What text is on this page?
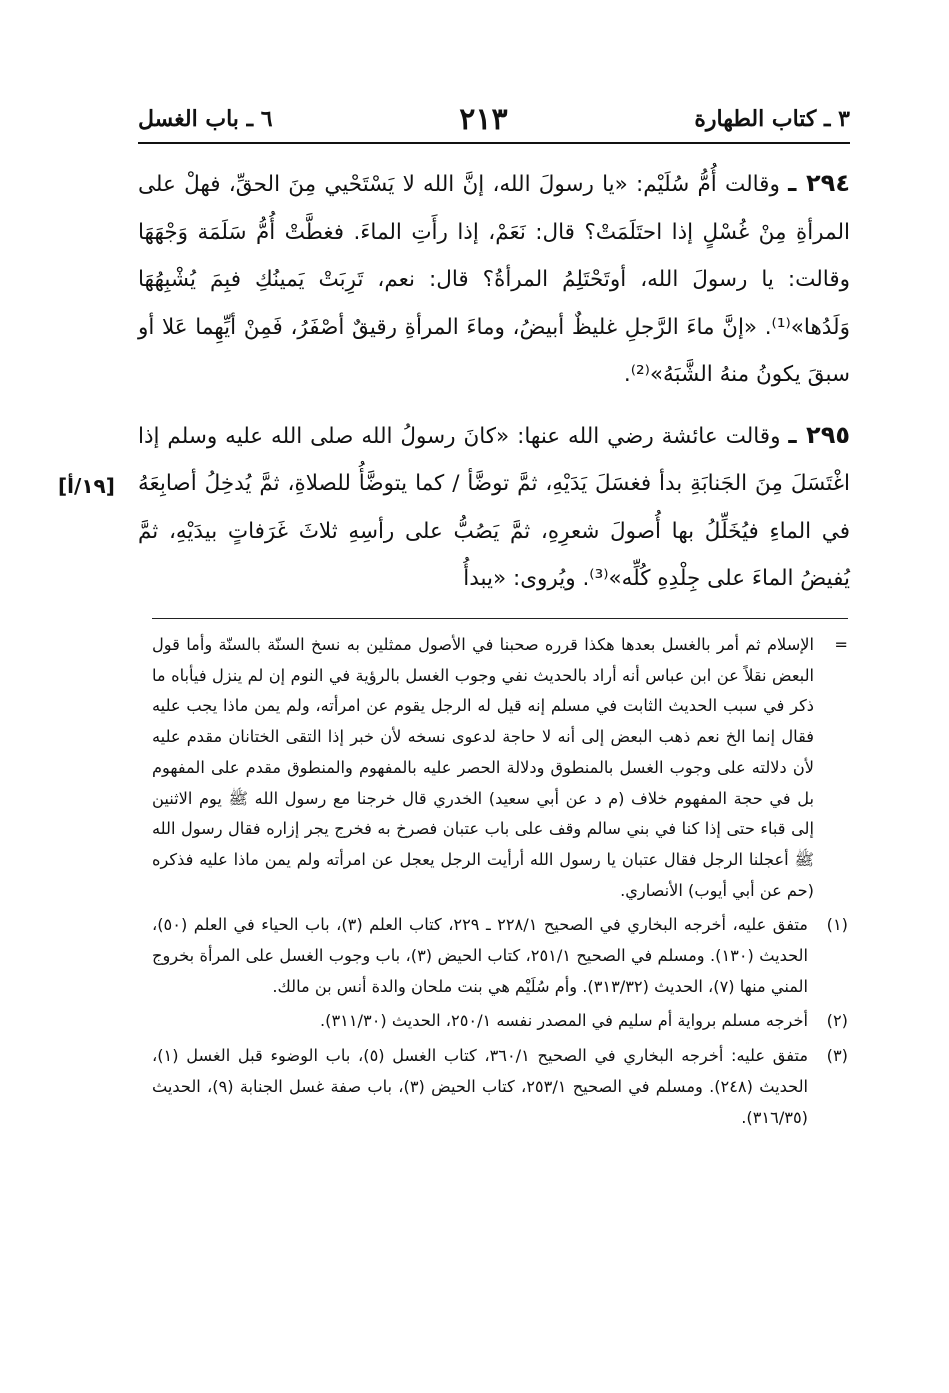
٣ ـ كتاب الطهارة
٢١٣
٦ ـ باب الغسل

٢٩٤ ـ وقالت أُمُّ سُلَيْم: «يا رسولَ الله، إنَّ الله لا يَسْتَحْيي مِنَ الحقِّ، فهلْ على المرأةِ مِنْ غُسْلٍ إذا احتَلَمَتْ؟ قال: نَعَمْ، إذا رأَتِ الماءَ. فغطَّتْ أُمُّ سَلَمَة وَجْهَهَا وقالت: يا رسولَ الله، أوتَحْتَلِمُ المرأةُ؟ قال: نعم، تَرِبَتْ يَمينُكِ فبِمَ يُشْبِهُهَا وَلَدُها»⁽¹⁾. «إنَّ ماءَ الرَّجلِ غليظٌ أبيضُ، وماءَ المرأةِ رقيقٌ أصْفَرُ، فَمِنْ أيِّهِما عَلا أو سبقَ يكونُ منهُ الشَّبَهُ»⁽²⁾.

٢٩٥ ـ وقالت عائشة رضي الله عنها: «كانَ رسولُ الله صلى الله عليه وسلم إذا اغْتَسَلَ مِنَ الجَنابَةِ بدأ فغسَلَ يَدَيْهِ، ثمَّ توضَّأ / كما يتوضَّأُ للصلاةِ، ثمَّ يُدخِلُ أصابِعَهُ في الماءِ فيُخَلِّلُ بها أُصولَ شعرِهِ، ثمَّ يَصُبُّ على رأسِهِ ثلاثَ غَرَفاتٍ بيدَيْهِ، ثمَّ يُفيضُ الماءَ على جِلْدِهِ كُلِّه»⁽³⁾. ويُروى: «يبدأُ

[١٩/أ]

=
الإسلام ثم أمر بالغسل بعدها هكذا قرره صحبنا في الأصول ممثلين به نسخ السنّة بالسنّة وأما قول البعض نقلاً عن ابن عباس أنه أراد بالحديث نفي وجوب الغسل بالرؤية في النوم إن لم ينزل فيأباه ما ذكر في سبب الحديث الثابت في مسلم إنه قيل له الرجل يقوم عن امرأته، ولم يمن ماذا يجب عليه فقال إنما الخ نعم ذهب البعض إلى أنه لا حاجة لدعوى نسخه لأن خبر إذا التقى الختانان مقدم عليه لأن دلالته على وجوب الغسل بالمنطوق ودلالة الحصر عليه بالمفهوم والمنطوق مقدم على المفهوم بل في حجة المفهوم خلاف (م د عن أبي سعيد) الخدري قال خرجنا مع رسول الله ﷺ يوم الاثنين إلى قباء حتى إذا كنا في بني سالم وقف على باب عتبان فصرخ به فخرج يجر إزاره فقال رسول الله ﷺ أعجلنا الرجل فقال عتبان يا رسول الله أرأيت الرجل يعجل عن امرأته ولم يمن ماذا عليه فذكره (حم عن أبي أيوب) الأنصاري.

(١)
متفق عليه، أخرجه البخاري في الصحيح ٢٢٨/١ ـ ٢٢٩، كتاب العلم (٣)، باب الحياء في العلم (٥٠)، الحديث (١٣٠). ومسلم في الصحيح ٢٥١/١، كتاب الحيض (٣)، باب وجوب الغسل على المرأة بخروج المني منها (٧)، الحديث (٣١٣/٣٢). وأم سُلَيْم هي بنت ملحان والدة أنس بن مالك.

(٢)
أخرجه مسلم برواية أم سليم في المصدر نفسه ٢٥٠/١، الحديث (٣١١/٣٠).

(٣)
متفق عليه: أخرجه البخاري في الصحيح ٣٦٠/١، كتاب الغسل (٥)، باب الوضوء قبل الغسل (١)، الحديث (٢٤٨). ومسلم في الصحيح ٢٥٣/١، كتاب الحيض (٣)، باب صفة غسل الجنابة (٩)، الحديث (٣١٦/٣٥).
